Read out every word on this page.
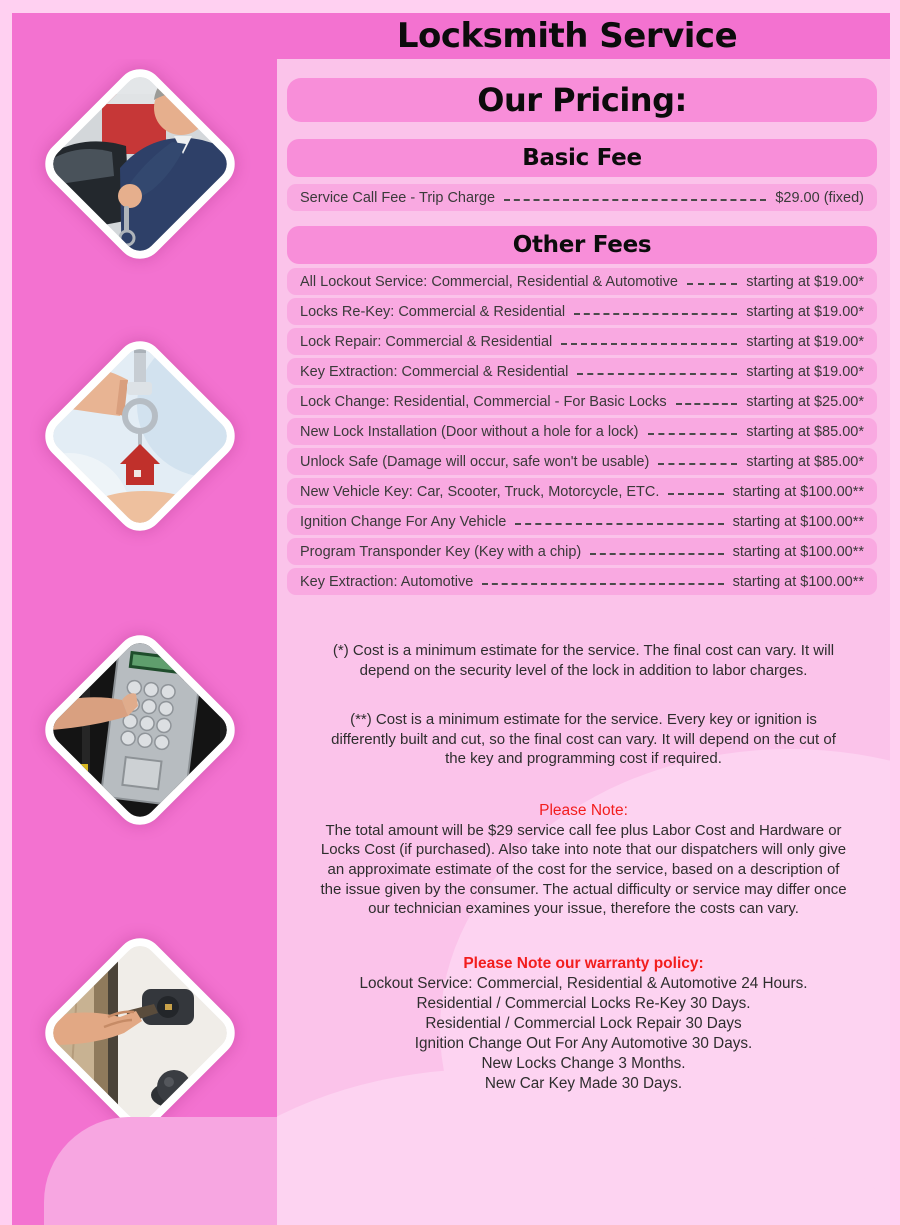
Locksmith Service
Our Pricing:
Basic Fee
Service Call Fee - Trip Charge	$29.00 (fixed)
Other Fees
All Lockout Service: Commercial, Residential & Automotive	starting at $19.00*
Locks Re-Key: Commercial & Residential	starting at $19.00*
Lock Repair: Commercial & Residential	starting at $19.00*
Key Extraction: Commercial & Residential	starting at $19.00*
Lock Change: Residential, Commercial - For Basic Locks	starting at $25.00*
New Lock Installation (Door without a hole for a lock)	starting at $85.00*
Unlock Safe (Damage will occur, safe won't be usable)	starting at $85.00*
New Vehicle Key: Car, Scooter, Truck, Motorcycle, ETC.	starting at $100.00**
Ignition Change For Any Vehicle	starting at $100.00**
Program Transponder Key (Key with a chip)	starting at $100.00**
Key Extraction: Automotive	starting at $100.00**
(*) Cost is a minimum estimate for the service. The final cost can vary. It will depend on the security level of the lock in addition to labor charges.
(**) Cost is a minimum estimate for the service. Every key or ignition is differently built and cut, so the final cost can vary. It will depend on the cut of the key and programming cost if required.
Please Note:
The total amount will be $29 service call fee plus Labor Cost and Hardware or Locks Cost (if purchased). Also take into note that our dispatchers will only give an approximate estimate of the cost for the service, based on a description of the issue given by the consumer. The actual difficulty or service may differ once our technician examines your issue, therefore the costs can vary.
Please Note our warranty policy:
Lockout Service: Commercial, Residential & Automotive 24 Hours.
Residential / Commercial Locks Re-Key 30 Days.
Residential / Commercial Lock Repair 30 Days
Ignition Change Out For Any Automotive 30 Days.
New Locks Change 3 Months.
New Car Key Made 30 Days.
